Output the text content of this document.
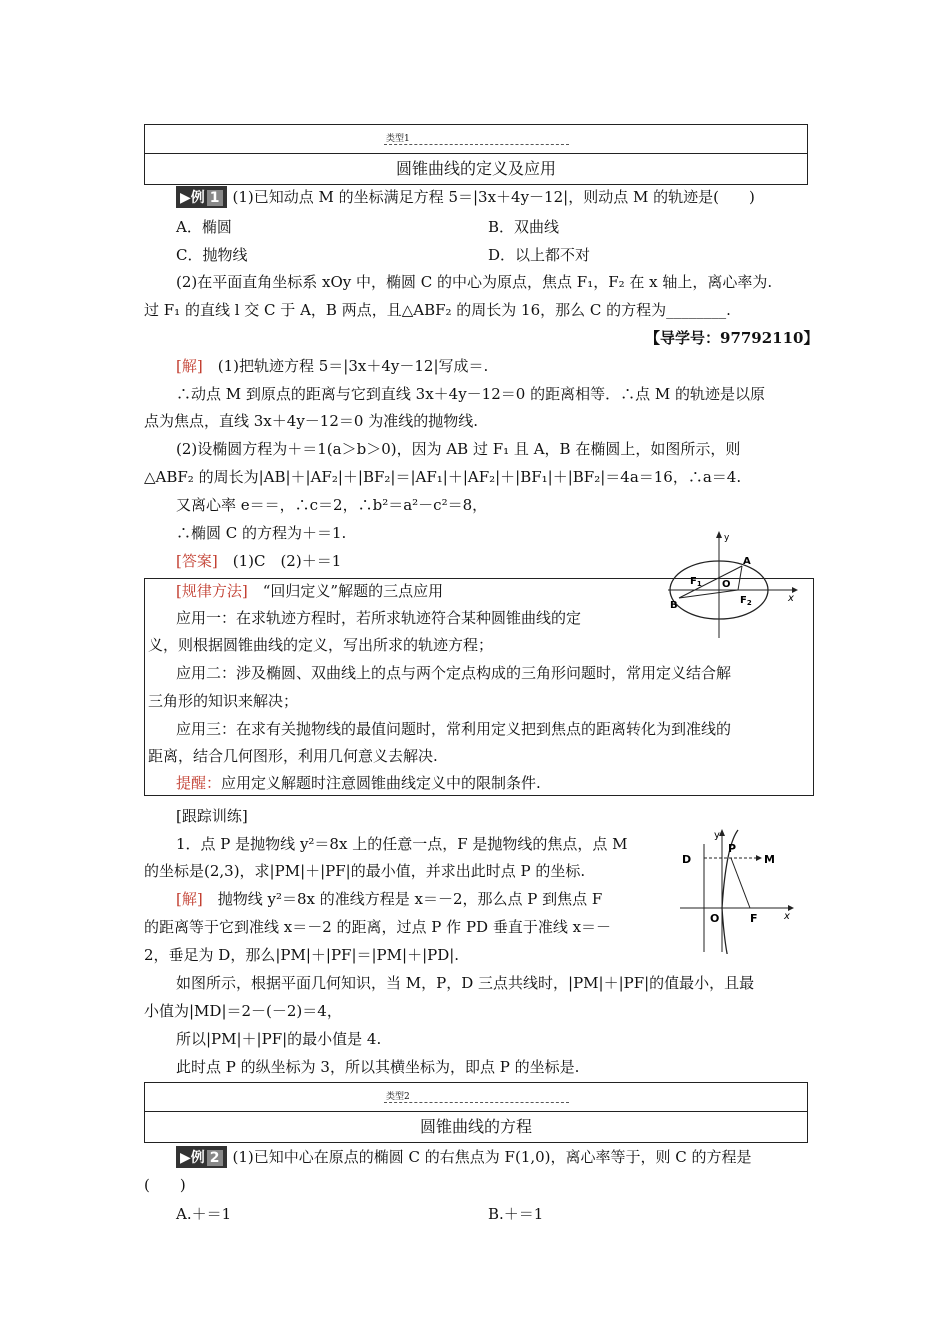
类型1
圆锥曲线的定义及应用
▶例 1 (1)已知动点 M 的坐标满足方程 5＝|3x＋4y－12|，则动点 M 的轨迹是(　　)
A．椭圆	B．双曲线
C．抛物线	D．以上都不对
(2)在平面直角坐标系 xOy 中，椭圆 C 的中心为原点，焦点 F₁，F₂ 在 x 轴上，离心率为.
过 F₁ 的直线 l 交 C 于 A，B 两点，且△ABF₂ 的周长为 16，那么 C 的方程为________.
【导学号：97792110】
[解]　 (1)把轨迹方程 5＝|3x＋4y－12|写成＝.
∴动点 M 到原点的距离与它到直线 3x＋4y－12＝0 的距离相等．∴点 M 的轨迹是以原
点为焦点，直线 3x＋4y－12＝0 为准线的抛物线.
(2)设椭圆方程为＋＝1(a＞b＞0)，因为 AB 过 F₁ 且 A，B 在椭圆上，如图所示，则
△ABF₂ 的周长为|AB|＋|AF₂|＋|BF₂|＝|AF₁|＋|AF₂|＋|BF₁|＋|BF₂|＝4a＝16，∴a＝4.
又离心率 e＝＝，∴c＝2，∴b²＝a²－c²＝8，
∴椭圆 C 的方程为＋＝1.
[答案]　 (1)C　(2)＋＝1
[规律方法]　 “回归定义”解题的三点应用
应用一：在求轨迹方程时，若所求轨迹符合某种圆锥曲线的定
义，则根据圆锥曲线的定义，写出所求的轨迹方程；
应用二：涉及椭圆、双曲线上的点与两个定点构成的三角形问题时，常用定义结合解
三角形的知识来解决；
应用三：在求有关抛物线的最值问题时，常利用定义把到焦点的距离转化为到准线的
距离，结合几何图形，利用几何意义去解决.
提醒：应用定义解题时注意圆锥曲线定义中的限制条件.
y
x
A
B
O
$F_1$
$F_2$
[跟踪训练]
1．点 P 是抛物线 y²＝8x 上的任意一点，F 是抛物线的焦点，点 M
的坐标是(2,3)，求|PM|＋|PF|的最小值，并求出此时点 P 的坐标.
[解]　 抛物线 y²＝8x 的准线方程是 x＝－2，那么点 P 到焦点 F
的距离等于它到准线 x＝－2 的距离，过点 P 作 PD 垂直于准线 x＝－
2，垂足为 D，那么|PM|＋|PF|＝|PM|＋|PD|.
如图所示，根据平面几何知识，当 M，P，D 三点共线时，|PM|＋|PF|的值最小，且最
小值为|MD|＝2－(－2)＝4，
所以|PM|＋|PF|的最小值是 4.
此时点 P 的纵坐标为 3，所以其横坐标为，即点 P 的坐标是.
y
x
D
P
M
O	F
类型2
圆锥曲线的方程
▶例 2 (1)已知中心在原点的椭圆 C 的右焦点为 F(1,0)，离心率等于，则 C 的方程是
(　　)
A.＋＝1	B.＋＝1
